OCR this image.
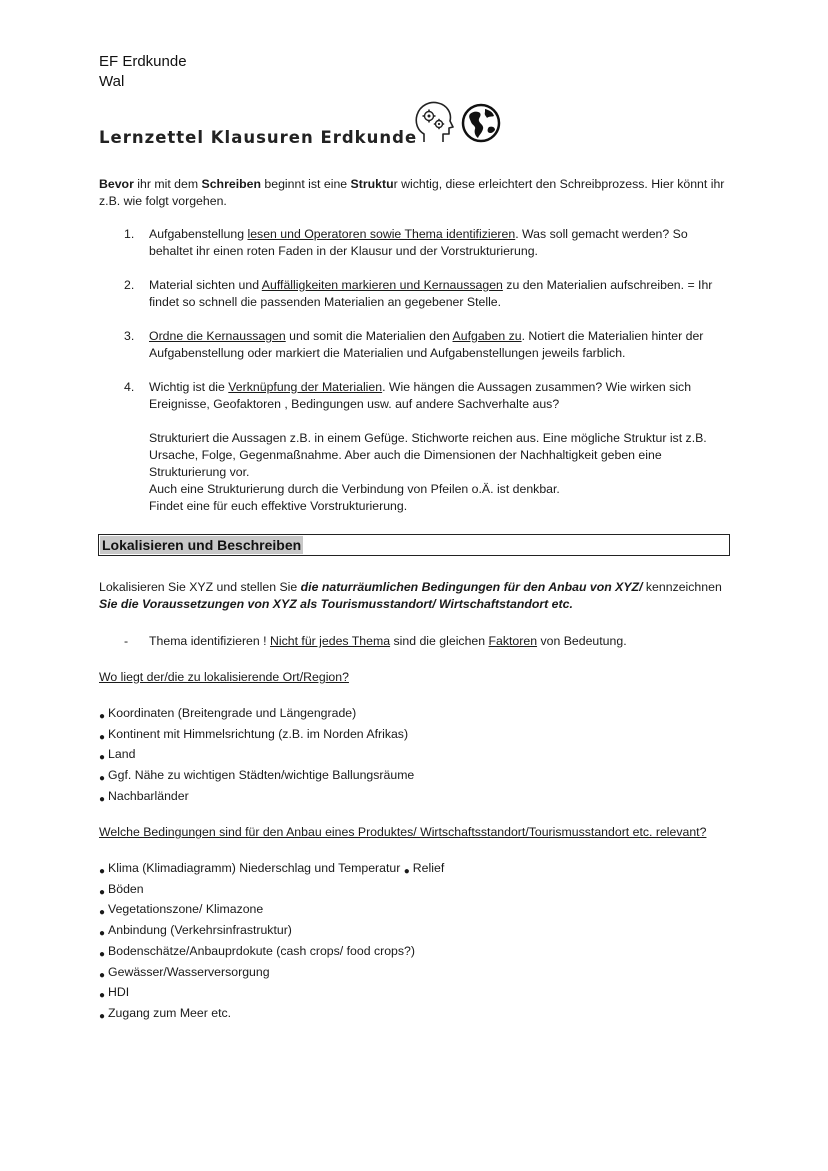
EF Erdkunde
Wal
Lernzettel Klausuren Erdkunde
Bevor ihr mit dem Schreiben beginnt ist eine Struktur wichtig, diese erleichtert den Schreibprozess. Hier könnt ihr z.B. wie folgt vorgehen.
1. Aufgabenstellung lesen und Operatoren sowie Thema identifizieren. Was soll gemacht werden? So behaltet ihr einen roten Faden in der Klausur und der Vorstrukturierung.
2. Material sichten und Auffälligkeiten markieren und Kernaussagen zu den Materialien aufschreiben. = Ihr findet so schnell die passenden Materialien an gegebener Stelle.
3. Ordne die Kernaussagen und somit die Materialien den Aufgaben zu. Notiert die Materialien hinter der Aufgabenstellung oder markiert die Materialien und Aufgabenstellungen jeweils farblich.
4. Wichtig ist die Verknüpfung der Materialien. Wie hängen die Aussagen zusammen? Wie wirken sich Ereignisse, Geofaktoren , Bedingungen usw. auf andere Sachverhalte aus?
Strukturiert die Aussagen z.B. in einem Gefüge. Stichworte reichen aus. Eine mögliche Struktur ist z.B. Ursache, Folge, Gegenmaßnahme. Aber auch die Dimensionen der Nachhaltigkeit geben eine Strukturierung vor.
Auch eine Strukturierung durch die Verbindung von Pfeilen o.Ä. ist denkbar.
Findet eine für euch effektive Vorstrukturierung.
Lokalisieren und Beschreiben
Lokalisieren Sie XYZ und stellen Sie die naturräumlichen Bedingungen für den Anbau von XYZ/ kennzeichnen Sie die Voraussetzungen von XYZ als Tourismusstandort/ Wirtschaftstandort etc.
- Thema identifizieren ! Nicht für jedes Thema sind die gleichen Faktoren von Bedeutung.
Wo liegt der/die zu lokalisierende Ort/Region?
● Koordinaten (Breitengrade und Längengrade)
● Kontinent mit Himmelsrichtung (z.B. im Norden Afrikas)
● Land
● Ggf. Nähe zu wichtigen Städten/wichtige Ballungsräume
● Nachbarländer
Welche Bedingungen sind für den Anbau eines Produktes/ Wirtschaftsstandort/Tourismusstandort etc. relevant?
● Klima (Klimadiagramm) Niederschlag und Temperatur ● Relief
● Böden
● Vegetationszone/ Klimazone
● Anbindung (Verkehrsinfrastruktur)
● Bodenschätze/Anbauprdokute (cash crops/ food crops?)
● Gewässer/Wasserversorgung
● HDI
● Zugang zum Meer etc.
